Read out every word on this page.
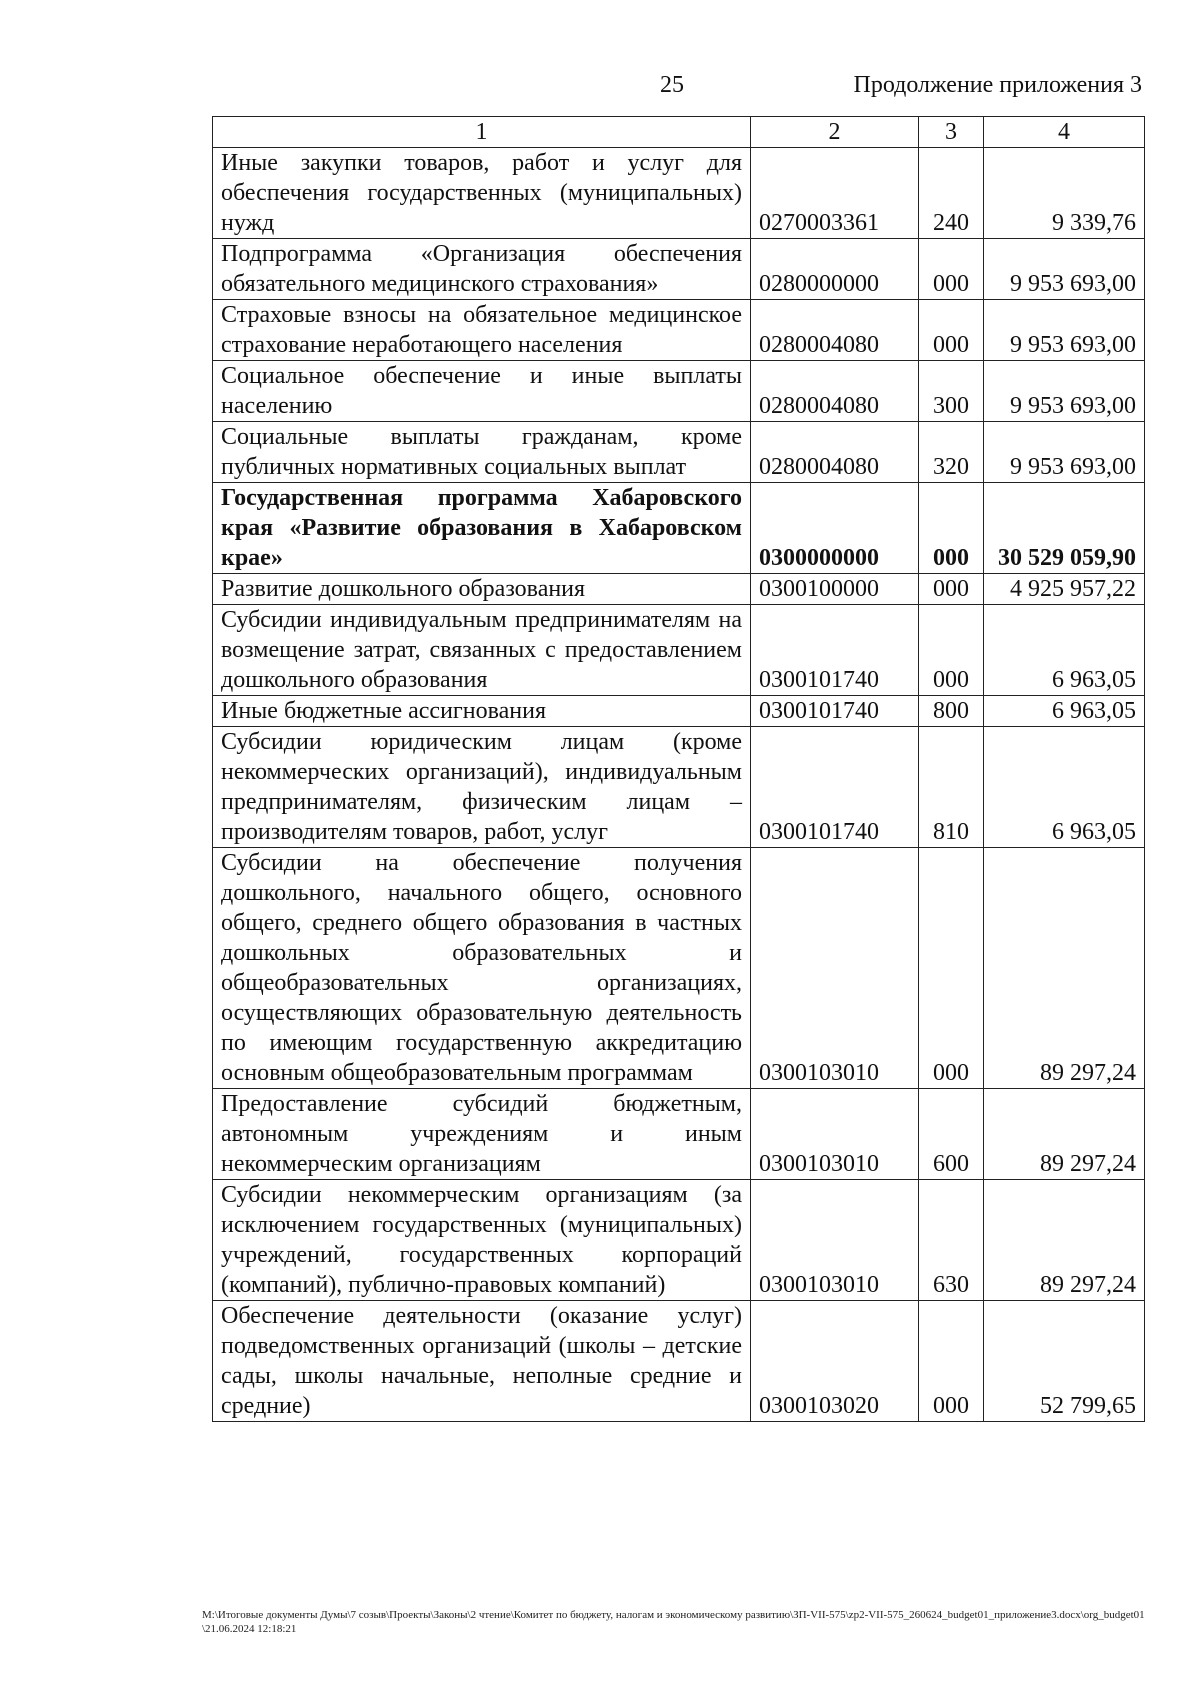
25	Продолжение приложения 3
1	2	3	4
Иные закупки товаров, работ и услуг для обеспечения государственных (муниципальных) нужд	0270003361	240	9 339,76
Подпрограмма «Организация обеспечения обязательного медицинского страхования»	0280000000	000	9 953 693,00
Страховые взносы на обязательное медицинское страхование неработающего населения	0280004080	000	9 953 693,00
Социальное обеспечение и иные выплаты населению	0280004080	300	9 953 693,00
Социальные выплаты гражданам, кроме публичных нормативных социальных выплат	0280004080	320	9 953 693,00
Государственная программа Хабаровского края «Развитие образования в Хабаровском крае»	0300000000	000	30 529 059,90
Развитие дошкольного образования	0300100000	000	4 925 957,22
Субсидии индивидуальным предпринимателям на возмещение затрат, связанных с предоставлением дошкольного образования	0300101740	000	6 963,05
Иные бюджетные ассигнования	0300101740	800	6 963,05
Субсидии юридическим лицам (кроме некоммерческих организаций), индивидуальным предпринимателям, физическим лицам – производителям товаров, работ, услуг	0300101740	810	6 963,05
Субсидии на обеспечение получения дошкольного, начального общего, основного общего, среднего общего образования в частных дошкольных образовательных и общеобразовательных организациях, осуществляющих образовательную деятельность по имеющим государственную аккредитацию основным общеобразовательным программам	0300103010	000	89 297,24
Предоставление субсидий бюджетным, автономным учреждениям и иным некоммерческим организациям	0300103010	600	89 297,24
Субсидии некоммерческим организациям (за исключением государственных (муниципальных) учреждений, государственных корпораций (компаний), публично-правовых компаний)	0300103010	630	89 297,24
Обеспечение деятельности (оказание услуг) подведомственных организаций (школы – детские сады, школы начальные, неполные средние и средние)	0300103020	000	52 799,65
M:\Итоговые документы Думы\7 созыв\Проекты\Законы\2 чтение\Комитет по бюджету, налогам и экономическому развитию\ЗП-VII-575\zp2-VII-575_260624_budget01_приложение3.docx\org_budget01\21.06.2024 12:18:21
